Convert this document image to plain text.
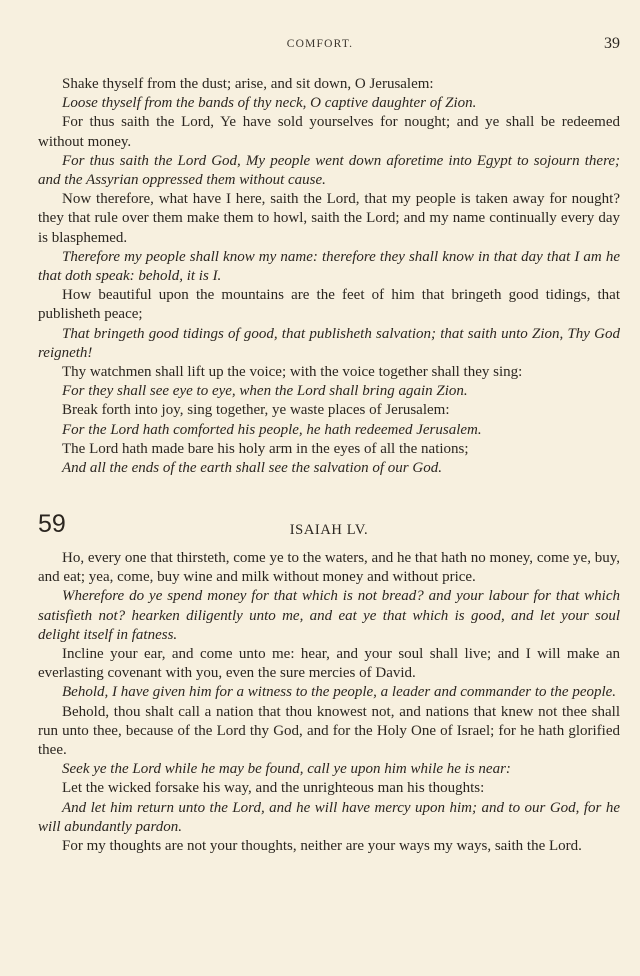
COMFORT.	39

Shake thyself from the dust; arise, and sit down, O Jerusalem:

Loose thyself from the bands of thy neck, O captive daughter of Zion.

For thus saith the Lord, Ye have sold yourselves for nought; and ye shall be redeemed without money.

For thus saith the Lord God, My people went down aforetime into Egypt to sojourn there; and the Assyrian oppressed them without cause.

Now therefore, what have I here, saith the Lord, that my people is taken away for nought? they that rule over them make them to howl, saith the Lord; and my name continually every day is blasphemed.

Therefore my people shall know my name: therefore they shall know in that day that I am he that doth speak: behold, it is I.

How beautiful upon the mountains are the feet of him that bringeth good tidings, that publisheth peace;

That bringeth good tidings of good, that publisheth salvation; that saith unto Zion, Thy God reigneth!

Thy watchmen shall lift up the voice; with the voice together shall they sing:

For they shall see eye to eye, when the Lord shall bring again Zion.

Break forth into joy, sing together, ye waste places of Jerusalem:

For the Lord hath comforted his people, he hath redeemed Jerusalem.

The Lord hath made bare his holy arm in the eyes of all the nations;

And all the ends of the earth shall see the salvation of our God.

59	ISAIAH LV.

Ho, every one that thirsteth, come ye to the waters, and he that hath no money, come ye, buy, and eat; yea, come, buy wine and milk without money and without price.

Wherefore do ye spend money for that which is not bread? and your labour for that which satisfieth not? hearken diligently unto me, and eat ye that which is good, and let your soul delight itself in fatness.

Incline your ear, and come unto me: hear, and your soul shall live; and I will make an everlasting covenant with you, even the sure mercies of David.

Behold, I have given him for a witness to the people, a leader and commander to the people.

Behold, thou shalt call a nation that thou knowest not, and nations that knew not thee shall run unto thee, because of the Lord thy God, and for the Holy One of Israel; for he hath glorified thee.

Seek ye the Lord while he may be found, call ye upon him while he is near:

Let the wicked forsake his way, and the unrighteous man his thoughts:

And let him return unto the Lord, and he will have mercy upon him; and to our God, for he will abundantly pardon.

For my thoughts are not your thoughts, neither are your ways my ways, saith the Lord.
